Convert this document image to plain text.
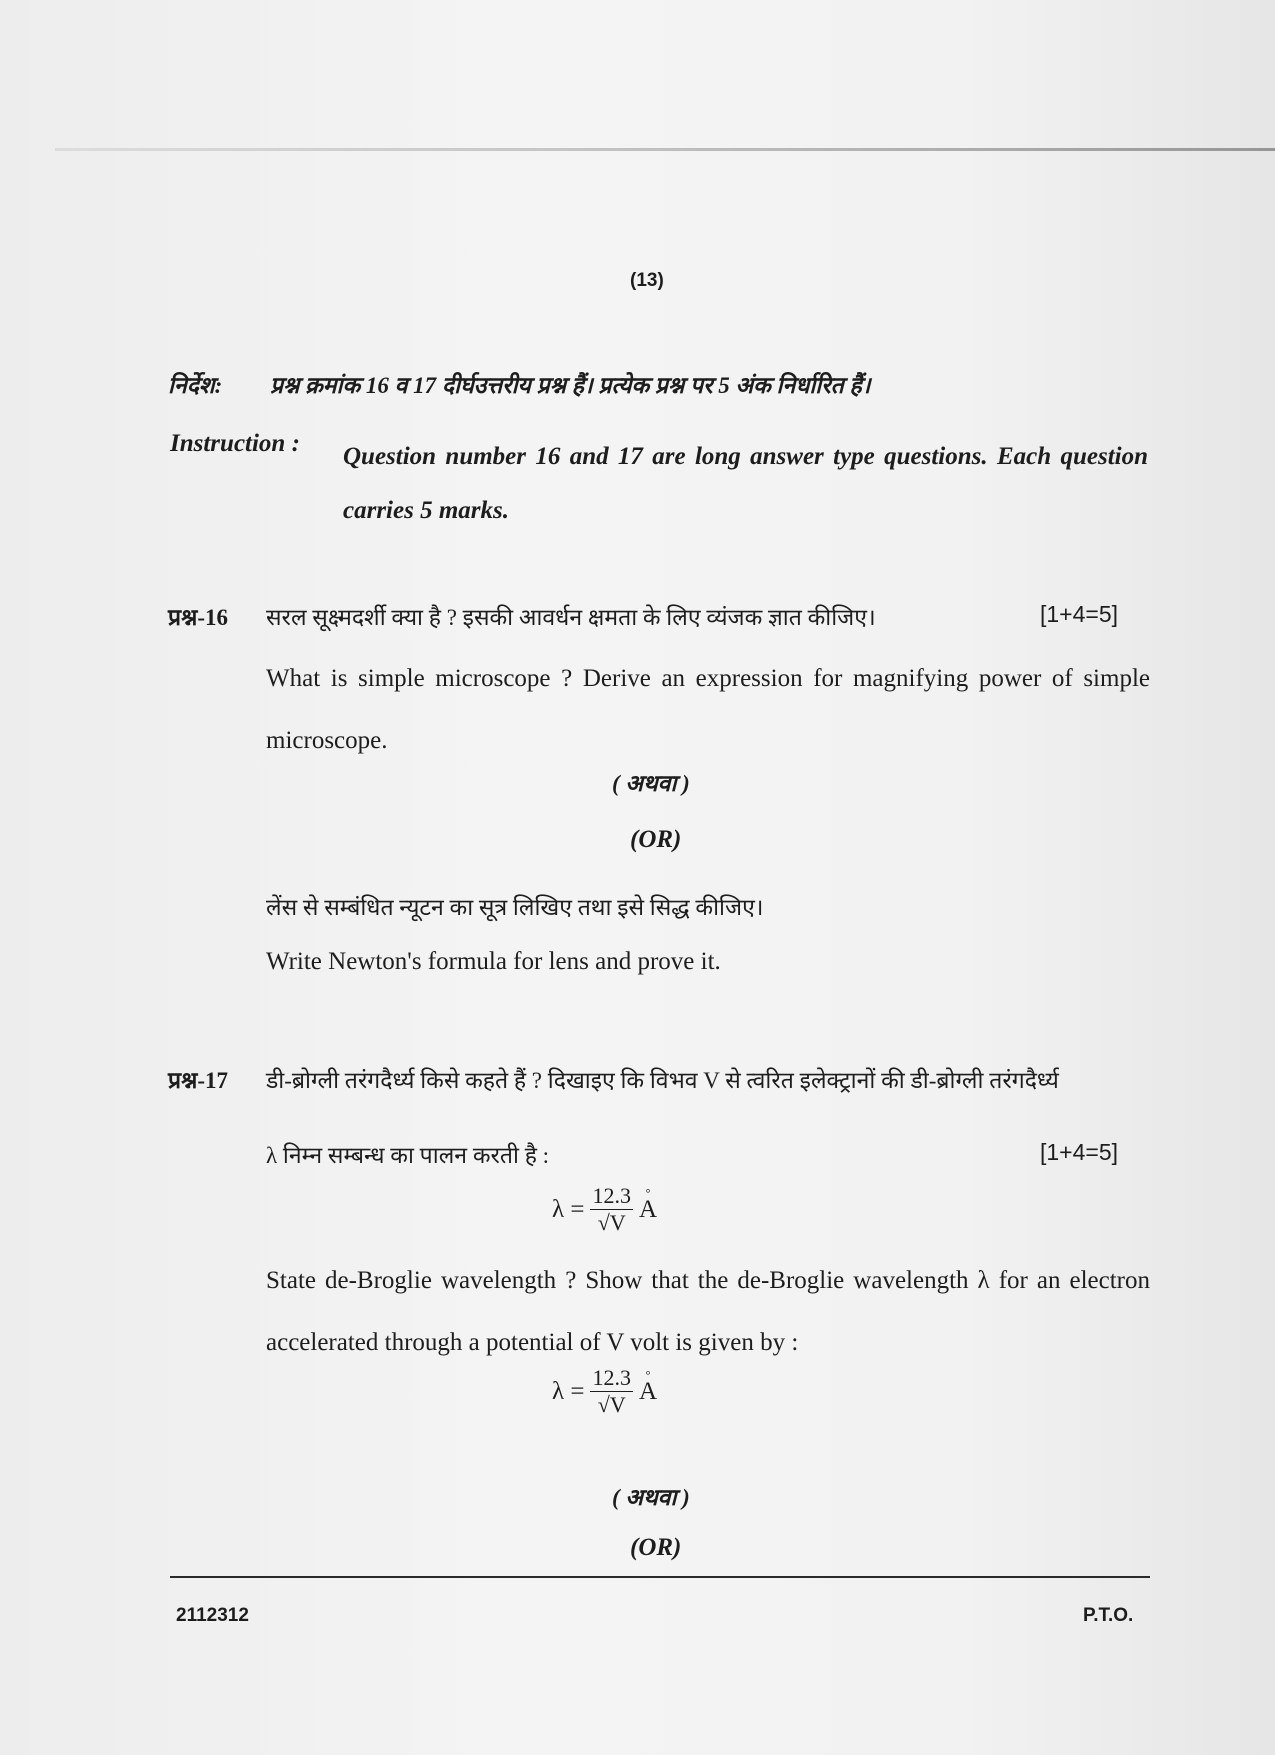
(13)
निर्देश: प्रश्न क्रमांक 16 व 17 दीर्घउत्तरीय प्रश्न हैं। प्रत्येक प्रश्न पर 5 अंक निर्धारित हैं।
Instruction : Question number 16 and 17 are long answer type questions. Each question carries 5 marks.
प्रश्न-16 सरल सूक्ष्मदर्शी क्या है ? इसकी आवर्धन क्षमता के लिए व्यंजक ज्ञात कीजिए।	[1+4=5]
What is simple microscope ? Derive an expression for magnifying power of simple microscope.
( अथवा )
(OR)
लेंस से सम्बंधित न्यूटन का सूत्र लिखिए तथा इसे सिद्ध कीजिए।
Write Newton's formula for lens and prove it.
प्रश्न-17 डी-ब्रोग्ली तरंगदैर्ध्य किसे कहते हैं ? दिखाइए कि विभव V से त्वरित इलेक्ट्रानों की डी-ब्रोग्ली तरंगदैर्ध्य
λ निम्न सम्बन्ध का पालन करती है :	[1+4=5]
$\lambda = \frac{12.3}{√V}$ °
A
State de-Broglie wavelength ? Show that the de-Broglie wavelength λ for an electron accelerated through a potential of V volt is given by :
$\lambda = \frac{12.3}{√V}$ °
A
( अथवा )
(OR)
2112312	P.T.O.
